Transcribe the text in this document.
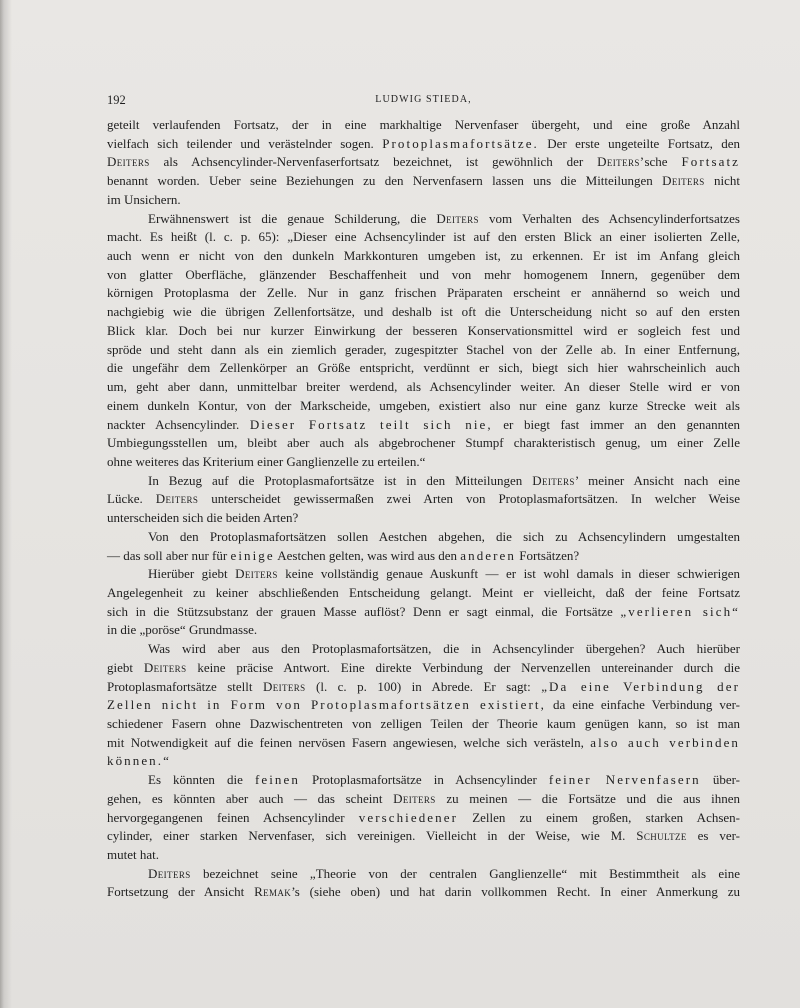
192	LUDWIG STIEDA,
geteilt verlaufenden Fortsatz, der in eine markhaltige Nervenfaser übergeht, und eine große Anzahl
vielfach sich teilender und verästelnder sogen. Protoplasmafortsätze. Der erste ungeteilte Fortsatz, den
Deiters als Achsencylinder-Nervenfaserfortsatz bezeichnet, ist gewöhnlich der Deiters’sche Fortsatz
benannt worden. Ueber seine Beziehungen zu den Nervenfasern lassen uns die Mitteilungen Deiters nicht
im Unsichern.
Erwähnenswert ist die genaue Schilderung, die Deiters vom Verhalten des Achsencylinderfortsatzes
macht. Es heißt (l. c. p. 65): „Dieser eine Achsencylinder ist auf den ersten Blick an einer isolierten Zelle,
auch wenn er nicht von den dunkeln Markkonturen umgeben ist, zu erkennen. Er ist im Anfang gleich
von glatter Oberfläche, glänzender Beschaffenheit und von mehr homogenem Innern, gegenüber dem
körnigen Protoplasma der Zelle. Nur in ganz frischen Präparaten erscheint er annähernd so weich und
nachgiebig wie die übrigen Zellenfortsätze, und deshalb ist oft die Unterscheidung nicht so auf den ersten
Blick klar. Doch bei nur kurzer Einwirkung der besseren Konservationsmittel wird er sogleich fest und
spröde und steht dann als ein ziemlich gerader, zugespitzter Stachel von der Zelle ab. In einer Entfernung,
die ungefähr dem Zellenkörper an Größe entspricht, verdünnt er sich, biegt sich hier wahrscheinlich auch
um, geht aber dann, unmittelbar breiter werdend, als Achsencylinder weiter. An dieser Stelle wird er von
einem dunkeln Kontur, von der Markscheide, umgeben, existiert also nur eine ganz kurze Strecke weit als
nackter Achsencylinder. Dieser Fortsatz teilt sich nie, er biegt fast immer an den genannten
Umbiegungsstellen um, bleibt aber auch als abgebrochener Stumpf charakteristisch genug, um einer Zelle
ohne weiteres das Kriterium einer Ganglienzelle zu erteilen.“
In Bezug auf die Protoplasmafortsätze ist in den Mitteilungen Deiters’ meiner Ansicht nach eine
Lücke. Deiters unterscheidet gewissermaßen zwei Arten von Protoplasmafortsätzen. In welcher Weise
unterscheiden sich die beiden Arten?
Von den Protoplasmafortsätzen sollen Aestchen abgehen, die sich zu Achsencylindern umgestalten
— das soll aber nur für einige Aestchen gelten, was wird aus den anderen Fortsätzen?
Hierüber giebt Deiters keine vollständig genaue Auskunft — er ist wohl damals in dieser schwierigen
Angelegenheit zu keiner abschließenden Entscheidung gelangt. Meint er vielleicht, daß der feine Fortsatz
sich in die Stützsubstanz der grauen Masse auflöst? Denn er sagt einmal, die Fortsätze „verlieren sich“
in die „poröse“ Grundmasse.
Was wird aber aus den Protoplasmafortsätzen, die in Achsencylinder übergehen? Auch hierüber
giebt Deiters keine präcise Antwort. Eine direkte Verbindung der Nervenzellen untereinander durch die
Protoplasmafortsätze stellt Deiters (l. c. p. 100) in Abrede. Er sagt: „Da eine Verbindung der
Zellen nicht in Form von Protoplasmafortsätzen existiert, da eine einfache Verbindung ver-
schiedener Fasern ohne Dazwischentreten von zelligen Teilen der Theorie kaum genügen kann, so ist man
mit Notwendigkeit auf die feinen nervösen Fasern angewiesen, welche sich verästeln, also auch verbinden
können.“
Es könnten die feinen Protoplasmafortsätze in Achsencylinder feiner Nervenfasern über-
gehen, es könnten aber auch — das scheint Deiters zu meinen — die Fortsätze und die aus ihnen
hervorgegangenen feinen Achsencylinder verschiedener Zellen zu einem großen, starken Achsen-
cylinder, einer starken Nervenfaser, sich vereinigen. Vielleicht in der Weise, wie M. Schultze es ver-
mutet hat.
Deiters bezeichnet seine „Theorie von der centralen Ganglienzelle“ mit Bestimmtheit als eine
Fortsetzung der Ansicht Remak’s (siehe oben) und hat darin vollkommen Recht. In einer Anmerkung zu
